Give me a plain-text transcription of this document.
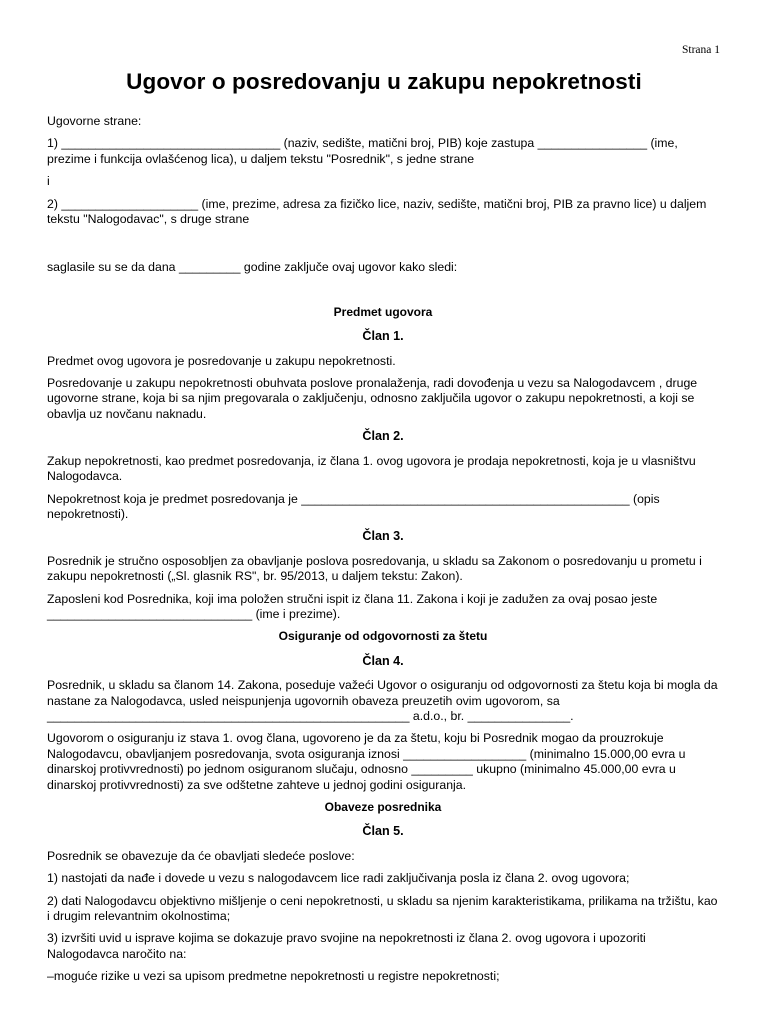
Strana 1
Ugovor o posredovanju u zakupu nepokretnosti

Ugovorne strane:

1) ________________________________ (naziv, sedište, matični broj, PIB) koje zastupa ________________ (ime, prezime i funkcija ovlašćenog lica), u daljem tekstu "Posrednik", s jedne strane

i

2) ____________________ (ime, prezime, adresa za fizičko lice, naziv, sedište, matični broj, PIB za pravno lice) u daljem tekstu "Nalogodavac", s druge strane

saglasile su se da dana _________ godine zaključe ovaj ugovor kako sledi:

Predmet ugovora

Član 1.

Predmet ovog ugovora je posredovanje u zakupu nepokretnosti.

Posredovanje u zakupu nepokretnosti obuhvata poslove pronalaženja, radi dovođenja u vezu sa Nalogodavcem , druge ugovorne strane, koja bi sa njim pregovarala o zaključenju, odnosno zaključila ugovor o zakupu nepokretnosti, a koji se obavlja uz novčanu naknadu.

Član 2.

Zakup nepokretnosti, kao predmet posredovanja, iz člana 1. ovog ugovora je prodaja nepokretnosti, koja je u vlasništvu Nalogodavca.

Nepokretnost koja je predmet posredovanja je ________________________________________________ (opis nepokretnosti).

Član 3.

Posrednik je stručno osposobljen za obavljanje poslova posredovanja, u skladu sa Zakonom o posredovanju u prometu i zakupu nepokretnosti („Sl. glasnik RS", br. 95/2013, u daljem tekstu: Zakon).

Zaposleni kod Posrednika, koji ima položen stručni ispit iz člana 11. Zakona i koji je zadužen za ovaj posao jeste ______________________________ (ime i prezime).

Osiguranje od odgovornosti za štetu

Član 4.

Posrednik, u skladu sa članom 14. Zakona, poseduje važeći Ugovor o osiguranju od odgovornosti za štetu koja bi mogla da nastane za Nalogodavca, usled neispunjenja ugovornih obaveza preuzetih ovim ugovorom, sa _____________________________________________________ a.d.o., br. _______________.

Ugovorom o osiguranju iz stava 1. ovog člana, ugovoreno je da za štetu, koju bi Posrednik mogao da prouzrokuje Nalogodavcu, obavljanjem posredovanja, svota osiguranja iznosi __________________ (minimalno 15.000,00 evra u dinarskoj protivvrednosti) po jednom osiguranom slučaju, odnosno _________ ukupno (minimalno 45.000,00 evra u dinarskoj protivvrednosti) za sve odštetne zahteve u jednoj godini osiguranja.

Obaveze posrednika

Član 5.

Posrednik se obavezuje da će obavljati sledeće poslove:

1) nastojati da nađe i dovede u vezu s nalogodavcem lice radi zaključivanja posla iz člana 2. ovog ugovora;

2) dati Nalogodavcu objektivno mišljenje o ceni nepokretnosti, u skladu sa njenim karakteristikama, prilikama na tržištu, kao i drugim relevantnim okolnostima;

3) izvršiti uvid u isprave kojima se dokazuje pravo svojine na nepokretnosti iz člana 2. ovog ugovora i upozoriti Nalogodavca naročito na:

–moguće rizike u vezi sa upisom predmetne nepokretnosti u registre nepokretnosti;
